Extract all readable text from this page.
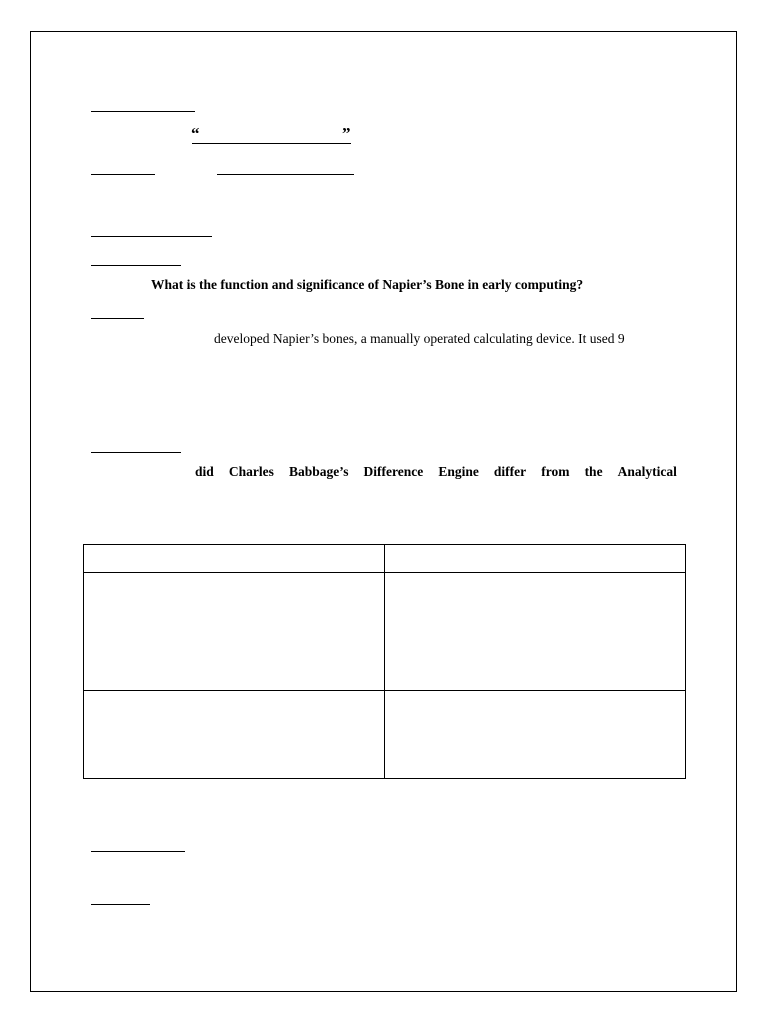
“	”
What is the function and significance of Napier’s Bone in early computing?
developed Napier’s bones, a manually operated calculating device. It used 9
did Charles Babbage’s Difference Engine differ from the Analytical
